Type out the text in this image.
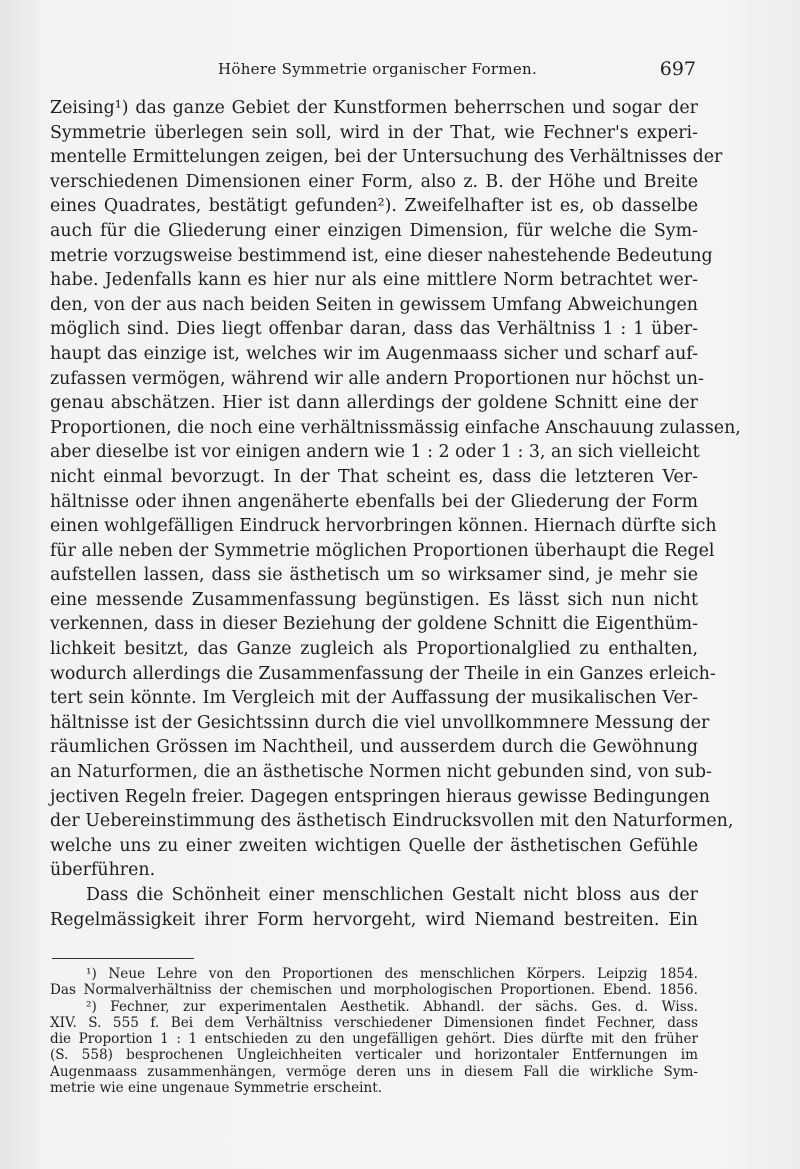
Höhere Symmetrie organischer Formen.	697
Zeising¹) das ganze Gebiet der Kunstformen beherrschen und sogar der
Symmetrie überlegen sein soll, wird in der That, wie Fechner's experi-
mentelle Ermittelungen zeigen, bei der Untersuchung des Verhältnisses der
verschiedenen Dimensionen einer Form, also z. B. der Höhe und Breite
eines Quadrates, bestätigt gefunden²). Zweifelhafter ist es, ob dasselbe
auch für die Gliederung einer einzigen Dimension, für welche die Sym-
metrie vorzugsweise bestimmend ist, eine dieser nahestehende Bedeutung
habe. Jedenfalls kann es hier nur als eine mittlere Norm betrachtet wer-
den, von der aus nach beiden Seiten in gewissem Umfang Abweichungen
möglich sind. Dies liegt offenbar daran, dass das Verhältniss 1 : 1 über-
haupt das einzige ist, welches wir im Augenmaass sicher und scharf auf-
zufassen vermögen, während wir alle andern Proportionen nur höchst un-
genau abschätzen. Hier ist dann allerdings der goldene Schnitt eine der
Proportionen, die noch eine verhältnissmässig einfache Anschauung zulassen,
aber dieselbe ist vor einigen andern wie 1 : 2 oder 1 : 3, an sich vielleicht
nicht einmal bevorzugt. In der That scheint es, dass die letzteren Ver-
hältnisse oder ihnen angenäherte ebenfalls bei der Gliederung der Form
einen wohlgefälligen Eindruck hervorbringen können. Hiernach dürfte sich
für alle neben der Symmetrie möglichen Proportionen überhaupt die Regel
aufstellen lassen, dass sie ästhetisch um so wirksamer sind, je mehr sie
eine messende Zusammenfassung begünstigen. Es lässt sich nun nicht
verkennen, dass in dieser Beziehung der goldene Schnitt die Eigenthüm-
lichkeit besitzt, das Ganze zugleich als Proportionalglied zu enthalten,
wodurch allerdings die Zusammenfassung der Theile in ein Ganzes erleich-
tert sein könnte. Im Vergleich mit der Auffassung der musikalischen Ver-
hältnisse ist der Gesichtssinn durch die viel unvollkommnere Messung der
räumlichen Grössen im Nachtheil, und ausserdem durch die Gewöhnung
an Naturformen, die an ästhetische Normen nicht gebunden sind, von sub-
jectiven Regeln freier. Dagegen entspringen hieraus gewisse Bedingungen
der Uebereinstimmung des ästhetisch Eindrucksvollen mit den Naturformen,
welche uns zu einer zweiten wichtigen Quelle der ästhetischen Gefühle
überführen.
Dass die Schönheit einer menschlichen Gestalt nicht bloss aus der
Regelmässigkeit ihrer Form hervorgeht, wird Niemand bestreiten. Ein
¹) Neue Lehre von den Proportionen des menschlichen Körpers. Leipzig 1854.
Das Normalverhältniss der chemischen und morphologischen Proportionen. Ebend. 1856.
²) Fechner, zur experimentalen Aesthetik. Abhandl. der sächs. Ges. d. Wiss.
XIV. S. 555 f. Bei dem Verhältniss verschiedener Dimensionen findet Fechner, dass
die Proportion 1 : 1 entschieden zu den ungefälligen gehört. Dies dürfte mit den früher
(S. 558) besprochenen Ungleichheiten verticaler und horizontaler Entfernungen im
Augenmaass zusammenhängen, vermöge deren uns in diesem Fall die wirkliche Sym-
metrie wie eine ungenaue Symmetrie erscheint.
